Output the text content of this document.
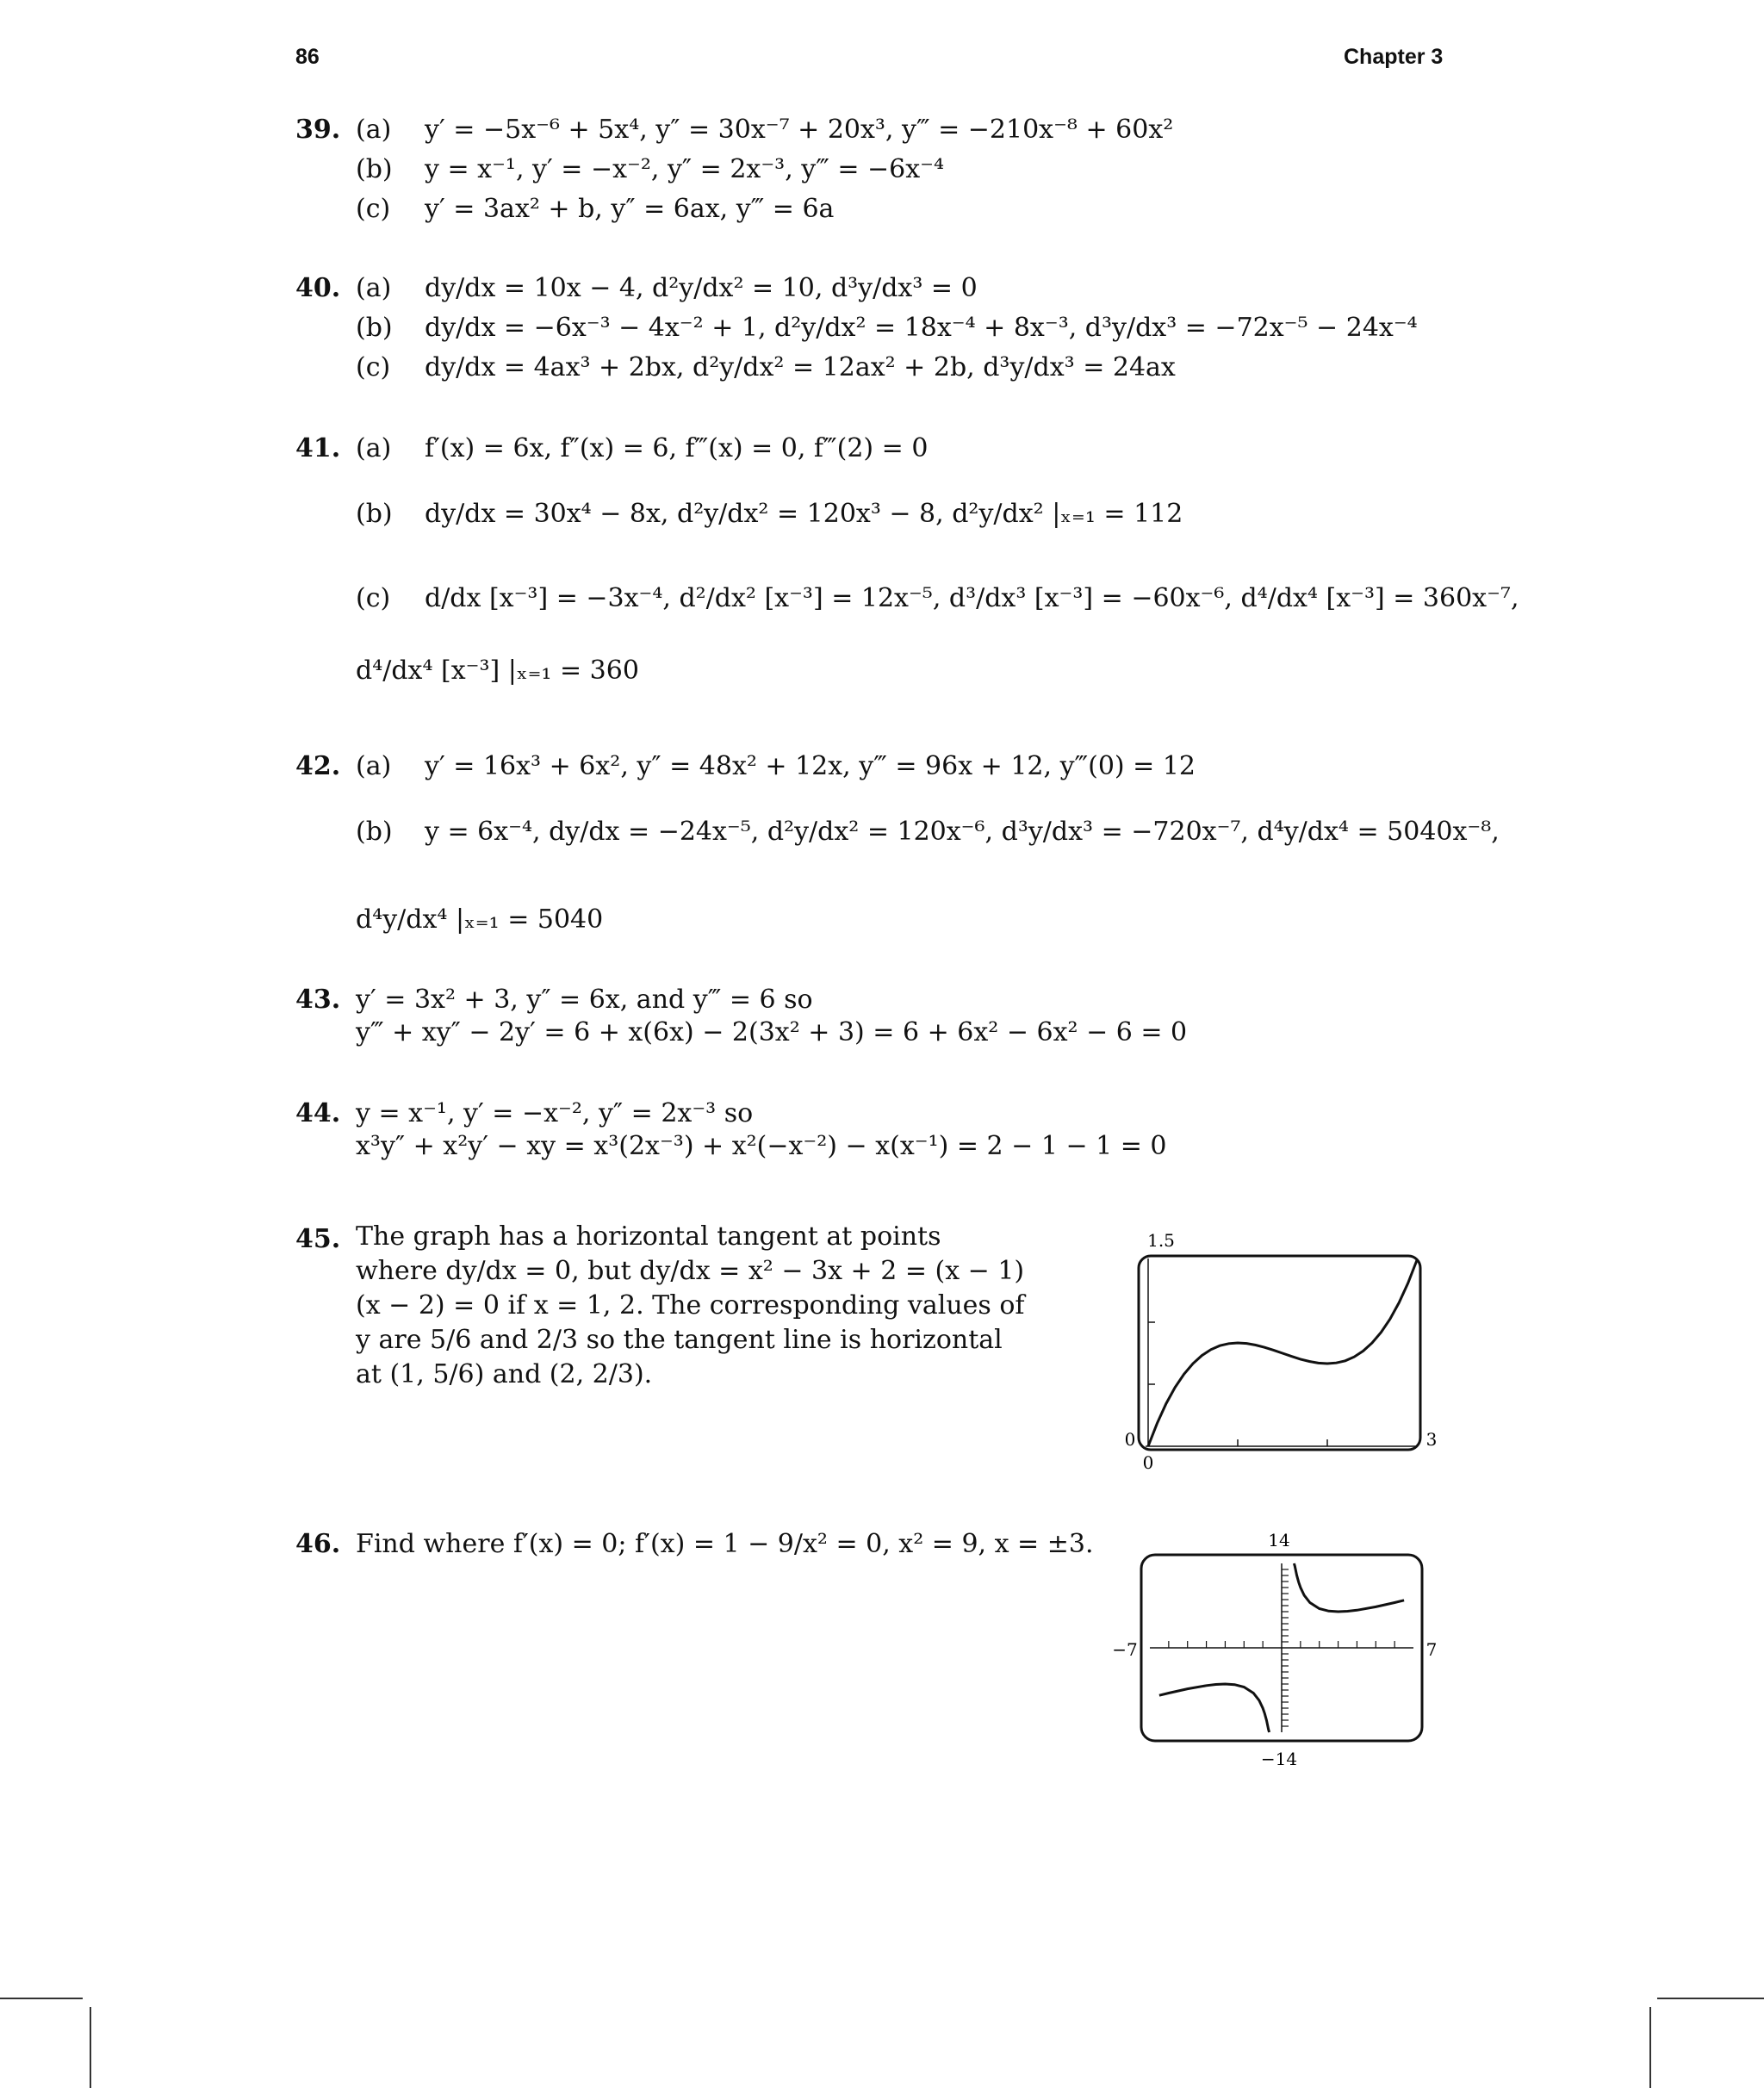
86	Chapter 3
39. (a) y′ = −5x⁻⁶ + 5x⁴, y″ = 30x⁻⁷ + 20x³, y‴ = −210x⁻⁸ + 60x²
(b) y = x⁻¹, y′ = −x⁻², y″ = 2x⁻³, y‴ = −6x⁻⁴
(c) y′ = 3ax² + b, y″ = 6ax, y‴ = 6a
40. (a) dy/dx = 10x − 4, d²y/dx² = 10, d³y/dx³ = 0
(b) dy/dx = −6x⁻³ − 4x⁻² + 1, d²y/dx² = 18x⁻⁴ + 8x⁻³, d³y/dx³ = −72x⁻⁵ − 24x⁻⁴
(c) dy/dx = 4ax³ + 2bx, d²y/dx² = 12ax² + 2b, d³y/dx³ = 24ax
41. (a) f′(x) = 6x, f″(x) = 6, f‴(x) = 0, f‴(2) = 0
(b) dy/dx = 30x⁴ − 8x, d²y/dx² = 120x³ − 8, d²y/dx² |ₓ₌₁ = 112
(c) d/dx [x⁻³] = −3x⁻⁴, d²/dx² [x⁻³] = 12x⁻⁵, d³/dx³ [x⁻³] = −60x⁻⁶, d⁴/dx⁴ [x⁻³] = 360x⁻⁷,
d⁴/dx⁴ [x⁻³] |ₓ₌₁ = 360
42. (a) y′ = 16x³ + 6x², y″ = 48x² + 12x, y‴ = 96x + 12, y‴(0) = 12
(b) y = 6x⁻⁴, dy/dx = −24x⁻⁵, d²y/dx² = 120x⁻⁶, d³y/dx³ = −720x⁻⁷, d⁴y/dx⁴ = 5040x⁻⁸,
d⁴y/dx⁴ |ₓ₌₁ = 5040
43. y′ = 3x² + 3, y″ = 6x, and y‴ = 6 so
y‴ + xy″ − 2y′ = 6 + x(6x) − 2(3x² + 3) = 6 + 6x² − 6x² − 6 = 0
44. y = x⁻¹, y′ = −x⁻², y″ = 2x⁻³ so
x³y″ + x²y′ − xy = x³(2x⁻³) + x²(−x⁻²) − x(x⁻¹) = 2 − 1 − 1 = 0
45. The graph has a horizontal tangent at points where dy/dx = 0, but dy/dx = x² − 3x + 2 = (x − 1)(x − 2) = 0 if x = 1, 2. The corresponding values of y are 5/6 and 2/3 so the tangent line is horizontal at (1, 5/6) and (2, 2/3).
46. Find where f′(x) = 0; f′(x) = 1 − 9/x² = 0, x² = 9, x = ±3.
1.5
0
0
3
14
−14
−7	7
